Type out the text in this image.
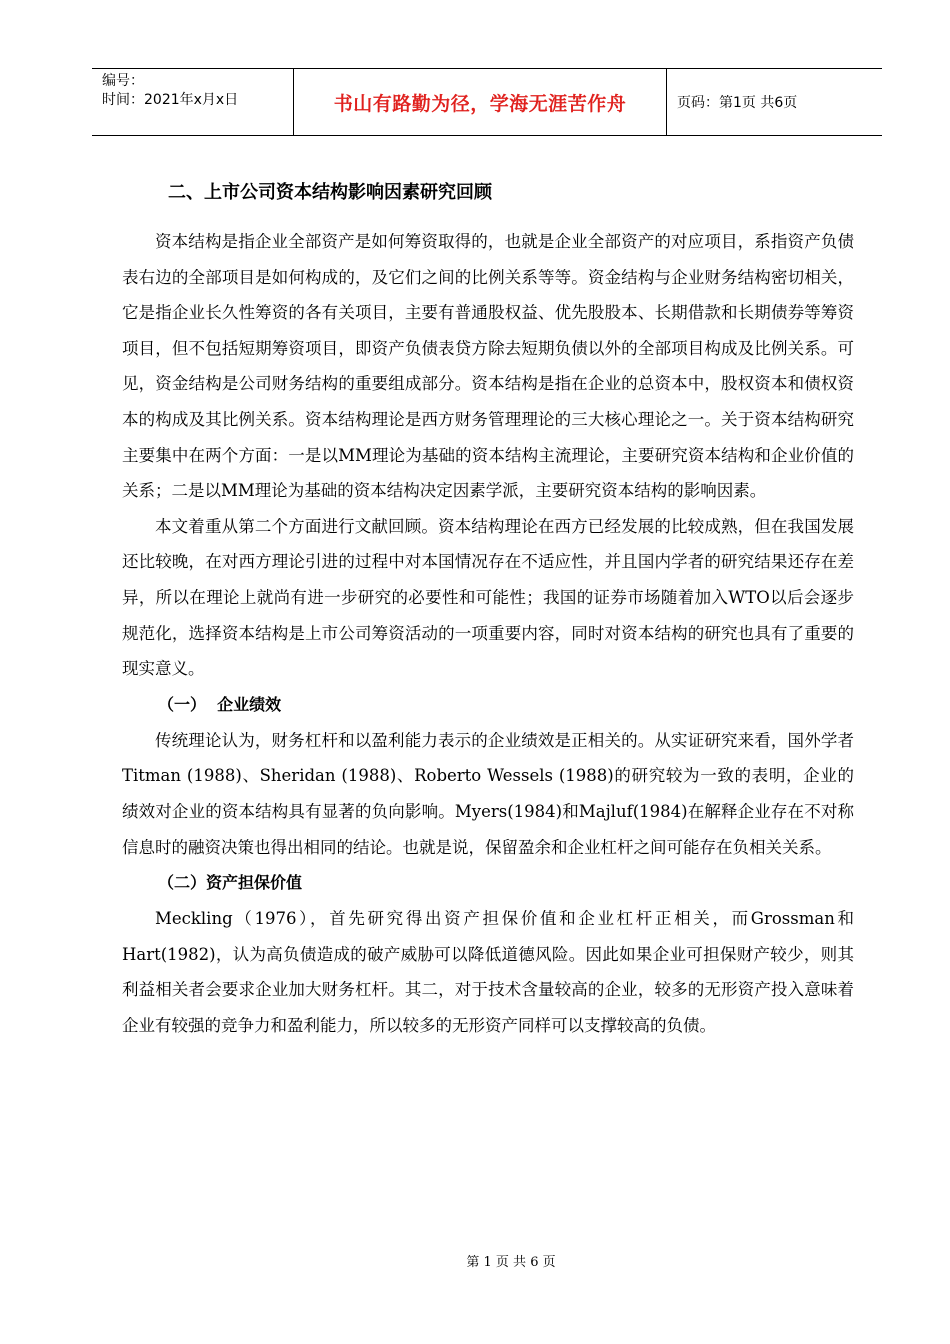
编号：
时间：2021年x月x日	书山有路勤为径，学海无涯苦作舟	页码：第1页 共6页
二、上市公司资本结构影响因素研究回顾

资本结构是指企业全部资产是如何筹资取得的，也就是企业全部资产的对应项目，系指资产负债表右边的全部项目是如何构成的，及它们之间的比例关系等等。资金结构与企业财务结构密切相关，它是指企业长久性筹资的各有关项目，主要有普通股权益、优先股股本、长期借款和长期债券等筹资项目，但不包括短期筹资项目，即资产负债表贷方除去短期负债以外的全部项目构成及比例关系。可见，资金结构是公司财务结构的重要组成部分。资本结构是指在企业的总资本中，股权资本和债权资本的构成及其比例关系。资本结构理论是西方财务管理理论的三大核心理论之一。关于资本结构研究主要集中在两个方面：一是以MM理论为基础的资本结构主流理论，主要研究资本结构和企业价值的关系；二是以MM理论为基础的资本结构决定因素学派，主要研究资本结构的影响因素。

本文着重从第二个方面进行文献回顾。资本结构理论在西方已经发展的比较成熟，但在我国发展还比较晚，在对西方理论引进的过程中对本国情况存在不适应性，并且国内学者的研究结果还存在差异，所以在理论上就尚有进一步研究的必要性和可能性；我国的证券市场随着加入WTO以后会逐步规范化，选择资本结构是上市公司筹资活动的一项重要内容，同时对资本结构的研究也具有了重要的现实意义。

（一）  企业绩效

传统理论认为，财务杠杆和以盈利能力表示的企业绩效是正相关的。从实证研究来看，国外学者Titman (1988)、Sheridan (1988)、Roberto Wessels (1988)的研究较为一致的表明，企业的绩效对企业的资本结构具有显著的负向影响。Myers(1984)和Majluf(1984)在解释企业存在不对称信息时的融资决策也得出相同的结论。也就是说，保留盈余和企业杠杆之间可能存在负相关关系。

（二）资产担保价值

Meckling（1976），首先研究得出资产担保价值和企业杠杆正相关，而Grossman和Hart(1982)，认为高负债造成的破产威胁可以降低道德风险。因此如果企业可担保财产较少，则其利益相关者会要求企业加大财务杠杆。其二，对于技术含量较高的企业，较多的无形资产投入意味着企业有较强的竞争力和盈利能力，所以较多的无形资产同样可以支撑较高的负债。

第 1 页 共 6 页
